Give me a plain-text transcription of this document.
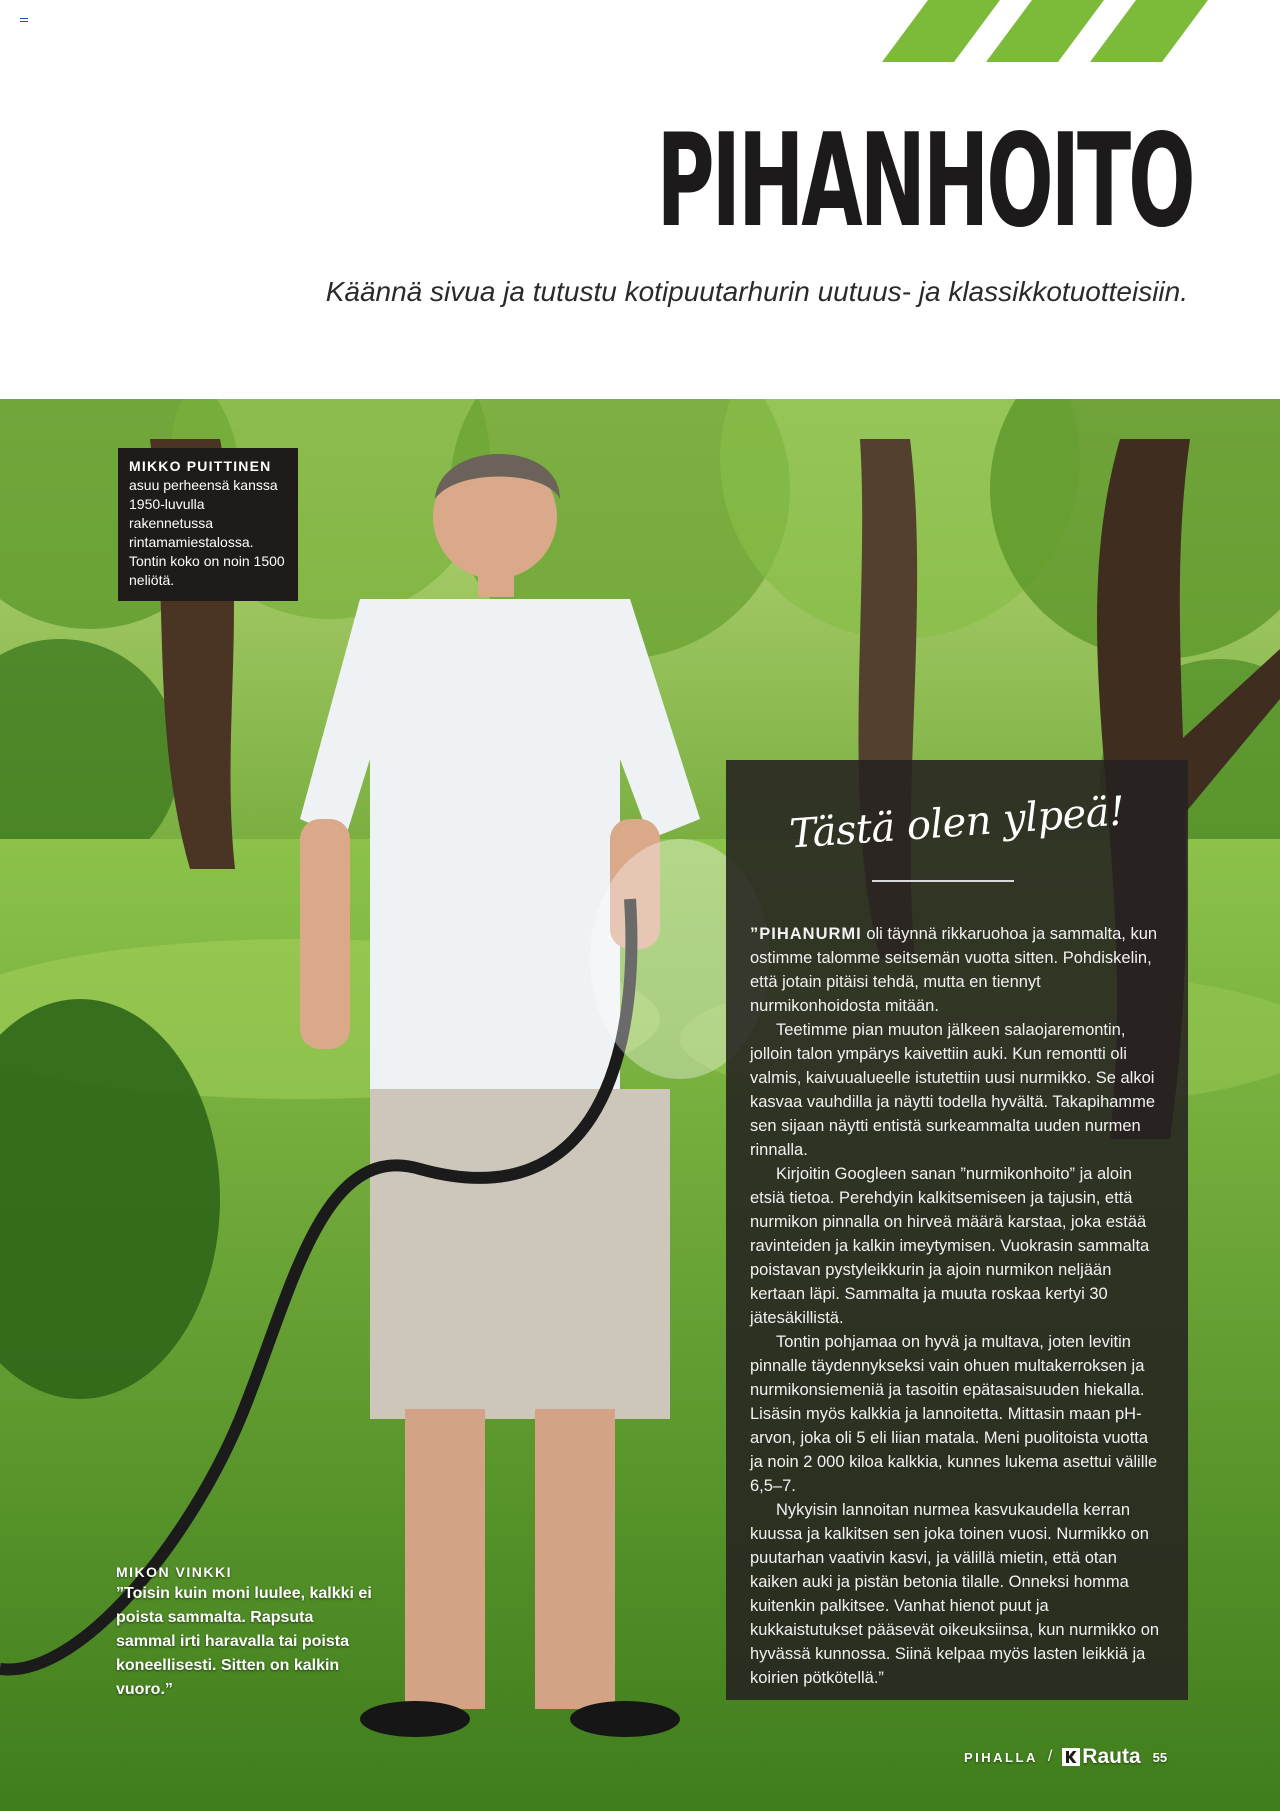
PIHANHOITO

Käännä sivua ja tutustu kotipuutarhurin uutuus- ja klassikkotuotteisiin.

MIKKO PUITTINEN
asuu perheensä kanssa 1950-luvulla rakennetussa rintamamiestalossa. Tontin koko on noin 1500 neliötä.
Tästä olen ylpeä!

”PIHANURMI oli täynnä rikkaruohoa ja sammalta, kun ostimme talomme seitsemän vuotta sitten. Pohdiskelin, että jotain pitäisi tehdä, mutta en tiennyt nurmikonhoidosta mitään.

Teetimme pian muuton jälkeen salaojaremontin, jolloin talon ympärys kaivettiin auki. Kun remontti oli valmis, kaivuualueelle istutettiin uusi nurmikko. Se alkoi kasvaa vauhdilla ja näytti todella hyvältä. Takapihamme sen sijaan näytti entistä surkeammalta uuden nurmen rinnalla.

Kirjoitin Googleen sanan ”nurmikonhoito” ja aloin etsiä tietoa. Perehdyin kalkitsemiseen ja tajusin, että nurmikon pinnalla on hirveä määrä karstaa, joka estää ravinteiden ja kalkin imeytymisen. Vuokrasin sammalta poistavan pystyleikkurin ja ajoin nurmikon neljään kertaan läpi. Sammalta ja muuta roskaa kertyi 30 jätesäkillistä.

Tontin pohjamaa on hyvä ja multava, joten levitin pinnalle täydennykseksi vain ohuen multakerroksen ja nurmikonsiemeniä ja tasoitin epätasaisuuden hiekalla. Lisäsin myös kalkkia ja lannoitetta. Mittasin maan pH-arvon, joka oli 5 eli liian matala. Meni puolitoista vuotta ja noin 2 000 kiloa kalkkia, kunnes lukema asettui välille 6,5–7.

Nykyisin lannoitan nurmea kasvukaudella kerran kuussa ja kalkitsen sen joka toinen vuosi. Nurmikko on puutarhan vaativin kasvi, ja välillä mietin, että otan kaiken auki ja pistän betonia tilalle. Onneksi homma kuitenkin palkitsee. Vanhat hienot puut ja kukkaistutukset pääsevät oikeuksiinsa, kun nurmikko on hyvässä kunnossa. Siinä kelpaa myös lasten leikkiä ja koirien pötkötellä.”

MIKON VINKKI
”Toisin kuin moni luulee, kalkki ei poista sammalta. Rapsuta sammal irti haravalla tai poista koneellisesti. Sitten on kalkin vuoro.”
PIHALLA / Rauta 55
